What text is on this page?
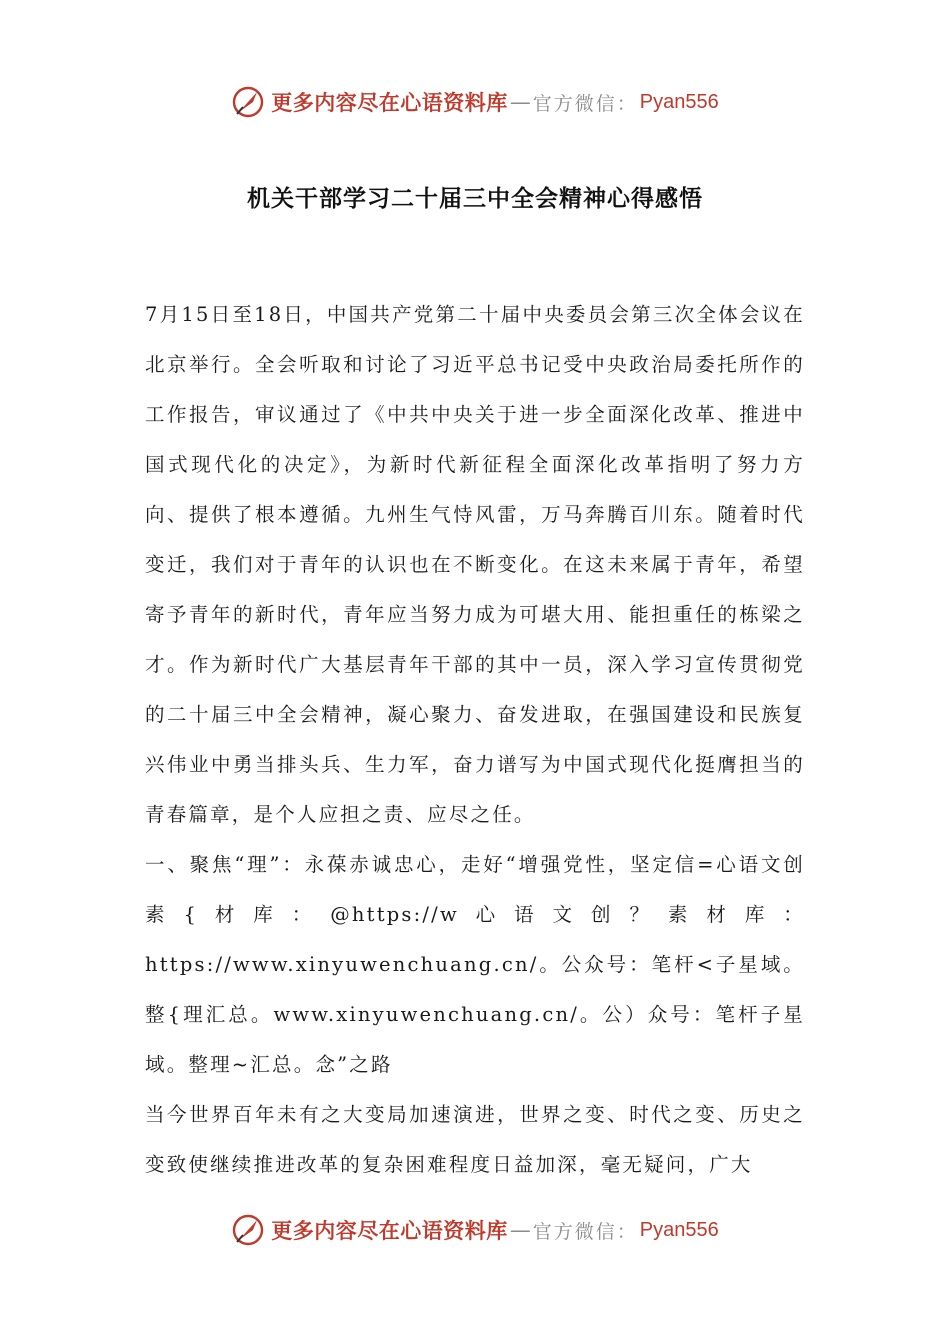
更多内容尽在心语资料库 — 官方微信： Pyan556
机关干部学习二十届三中全会精神心得感悟

7月15日至18日，中国共产党第二十届中央委员会第三次全体会议在北京举行。全会听取和讨论了习近平总书记受中央政治局委托所作的工作报告，审议通过了《中共中央关于进一步全面深化改革、推进中国式现代化的决定》，为新时代新征程全面深化改革指明了努力方向、提供了根本遵循。九州生气恃风雷，万马奔腾百川东。随着时代变迁，我们对于青年的认识也在不断变化。在这未来属于青年，希望寄予青年的新时代，青年应当努力成为可堪大用、能担重任的栋梁之才。作为新时代广大基层青年干部的其中一员，深入学习宣传贯彻党的二十届三中全会精神，凝心聚力、奋发进取，在强国建设和民族复兴伟业中勇当排头兵、生力军，奋力谱写为中国式现代化挺膺担当的青春篇章，是个人应担之责、应尽之任。

一、聚焦“理”：永葆赤诚忠心，走好“增强党性，坚定信=心语文创素{材库：@https://w心语文创？素材库：https://www.xinyuwenchuang.cn/。公众号：笔杆<子星域。整{理汇总。www.xinyuwenchuang.cn/。公）众号：笔杆子星域。整理~汇总。念”之路

当今世界百年未有之大变局加速演进，世界之变、时代之变、历史之变致使继续推进改革的复杂困难程度日益加深，毫无疑问，广大

更多内容尽在心语资料库 — 官方微信： Pyan556
